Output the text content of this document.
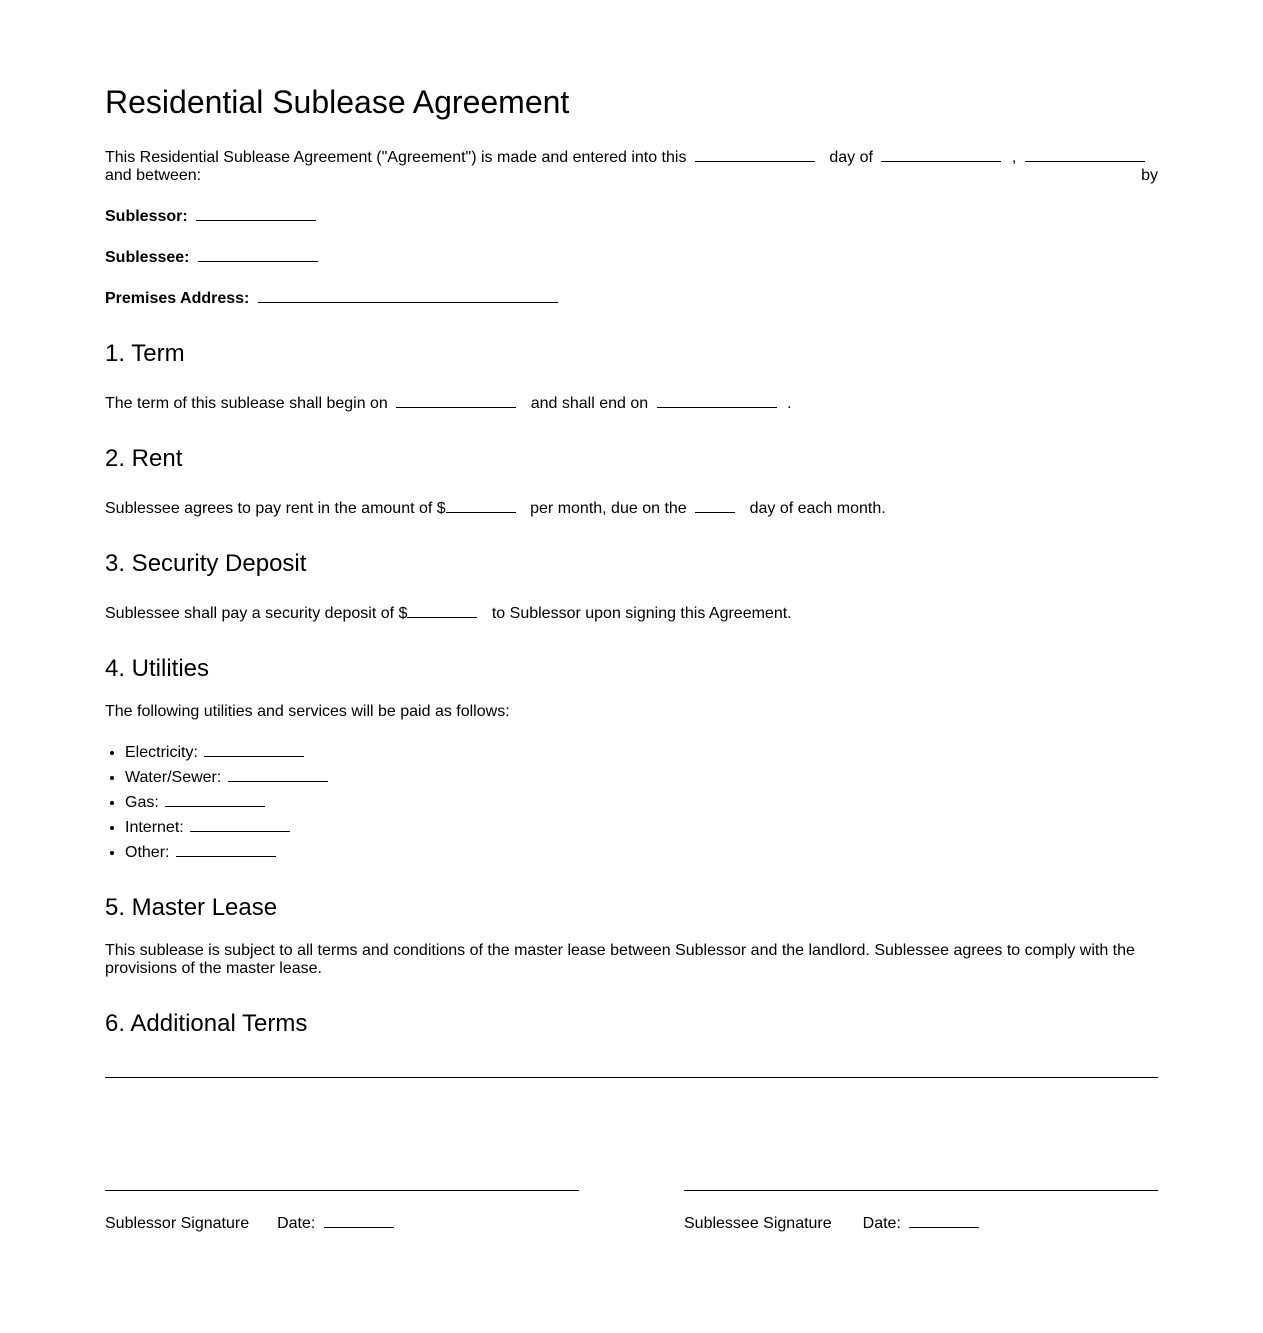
Residential Sublease Agreement

This Residential Sublease Agreement ("Agreement") is made and entered into this	day of	,
by

and between:

Sublessor:

Sublessee:

Premises Address:

1. Term

The term of this sublease shall begin on	and shall end on	.

2. Rent

Sublessee agrees to pay rent in the amount of $	per month, due on the	day of each month.

3. Security Deposit

Sublessee shall pay a security deposit of $	to Sublessor upon signing this Agreement.

4. Utilities

The following utilities and services will be paid as follows:

• Electricity:
• Water/Sewer:
• Gas:
• Internet:
• Other:
5. Master Lease

This sublease is subject to all terms and conditions of the master lease between Sublessor and the landlord. Sublessee agrees to comply with the provisions of the master lease.

6. Additional Terms
Sublessor Signature Date:	Sublessee Signature Date:
